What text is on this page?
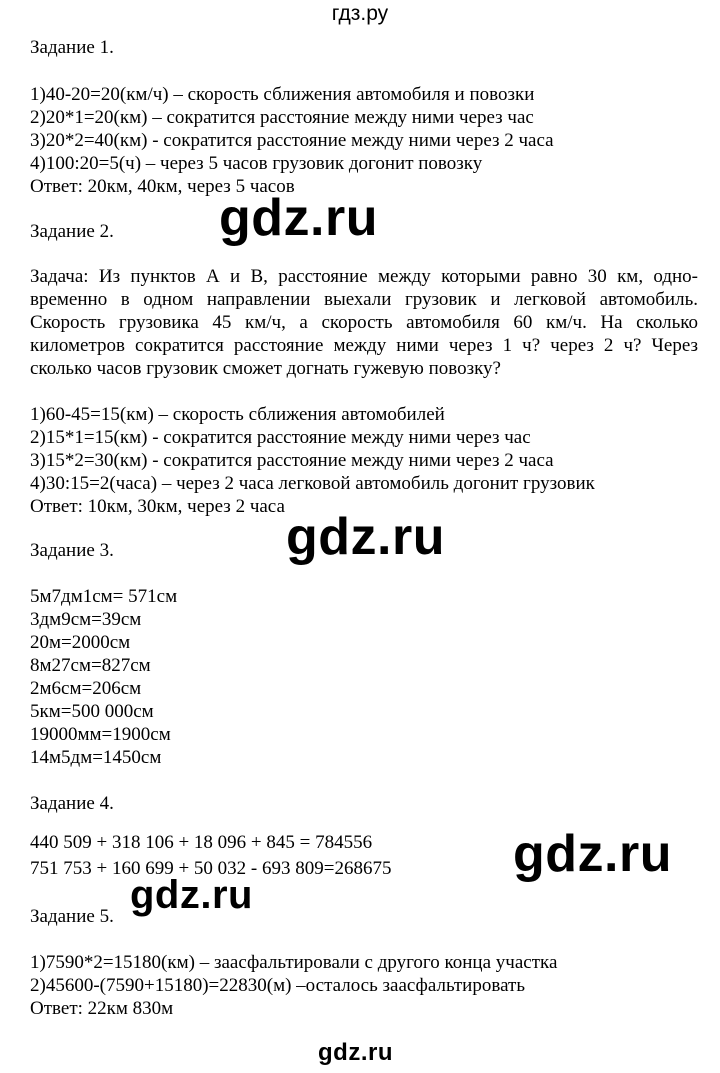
гдз.ру
Задание 1.
1)40-20=20(км/ч) – скорость сближения автомобиля и повозки
2)20*1=20(км) – сократится расстояние между ними через час
3)20*2=40(км) - сократится расстояние между ними через 2 часа
4)100:20=5(ч) – через 5 часов грузовик догонит повозку
Ответ: 20км, 40км, через 5 часов
gdz.ru
Задание 2.
Задача: Из пунктов А и В, расстояние между которыми равно 30 км, одно-временно в одном направлении выехали грузовик и легковой автомобиль. Скорость грузовика 45 км/ч, а скорость автомобиля 60 км/ч. На сколько километров сократится расстояние между ними через 1 ч? через 2 ч? Через сколько часов грузовик сможет догнать гужевую повозку?
1)60-45=15(км) – скорость сближения автомобилей
2)15*1=15(км) - сократится расстояние между ними через час
3)15*2=30(км) - сократится расстояние между ними через 2 часа
4)30:15=2(часа) – через 2 часа легковой автомобиль догонит грузовик
Ответ: 10км, 30км, через 2 часа
gdz.ru
Задание 3.
5м7дм1см= 571см
3дм9см=39см
20м=2000см
8м27см=827см
2м6см=206см
5км=500 000см
19000мм=1900см
14м5дм=1450см
Задание 4.
440 509 + 318 106 + 18 096 + 845 = 784556
751 753 + 160 699 + 50 032 - 693 809=268675 gdz.ru
gdz.ru
Задание 5.
1)7590*2=15180(км) – заасфальтировали с другого конца участка
2)45600-(7590+15180)=22830(м) –осталось заасфальтировать
Ответ: 22км 830м
gdz.ru
